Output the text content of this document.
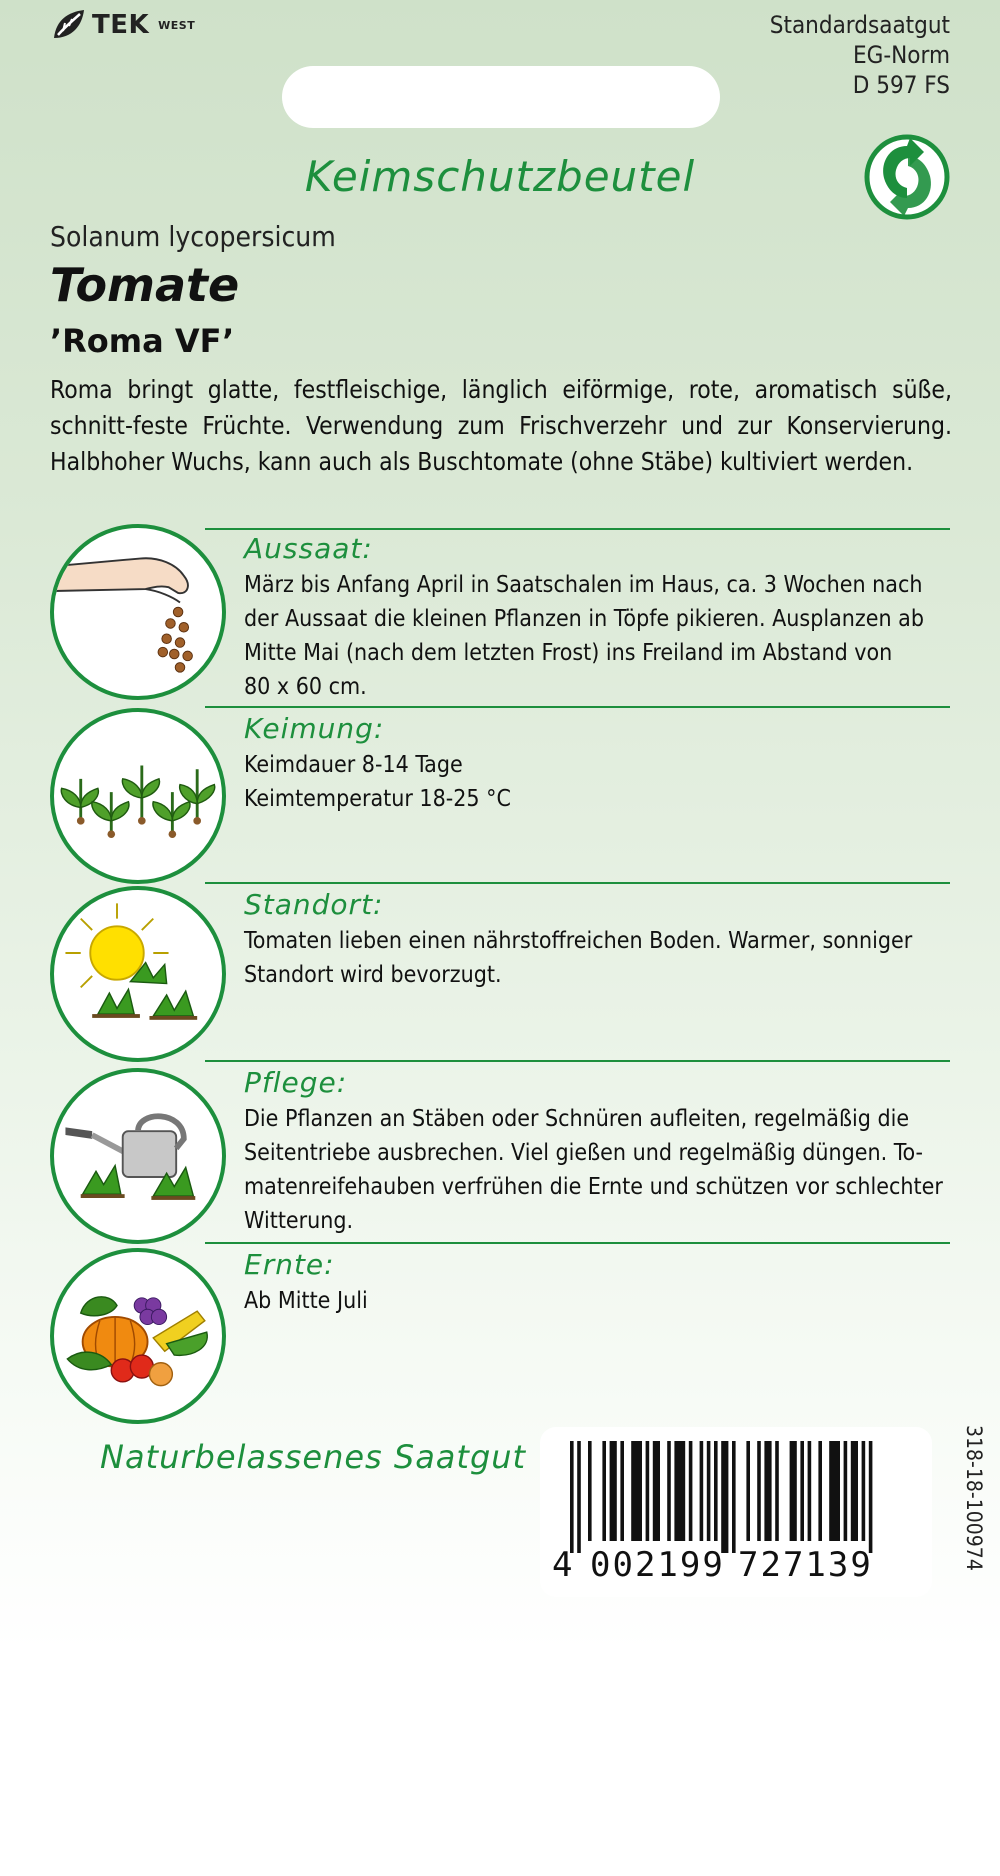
TEK WEST	Standardsaatgut
EG-Norm
D 597 FS
Keimschutzbeutel
Solanum lycopersicum
Tomate
’Roma VF’
Roma bringt glatte, festfleischige, länglich eiförmige, rote, aromatisch süße, schnitt-feste Früchte. Verwendung zum Frischverzehr und zur Konservierung. Halbhoher Wuchs, kann auch als Buschtomate (ohne Stäbe) kultiviert werden.
Aussaat:
März bis Anfang April in Saatschalen im Haus, ca. 3 Wochen nach
der Aussaat die kleinen Pflanzen in Töpfe pikieren. Ausplanzen ab
Mitte Mai (nach dem letzten Frost) ins Freiland im Abstand von
80 x 60 cm.
Keimung:
Keimdauer 8-14 Tage
Keimtemperatur 18-25 °C
Standort:
Tomaten lieben einen nährstoffreichen Boden. Warmer, sonniger
Standort wird bevorzugt.
Pflege:
Die Pflanzen an Stäben oder Schnüren aufleiten, regelmäßig die
Seitentriebe ausbrechen. Viel gießen und regelmäßig düngen. To-
matenreifehauben verfrühen die Ernte und schützen vor schlechter
Witterung.
Ernte:
Ab Mitte Juli
Naturbelassenes Saatgut
4 002199 727139	318-18-100974
